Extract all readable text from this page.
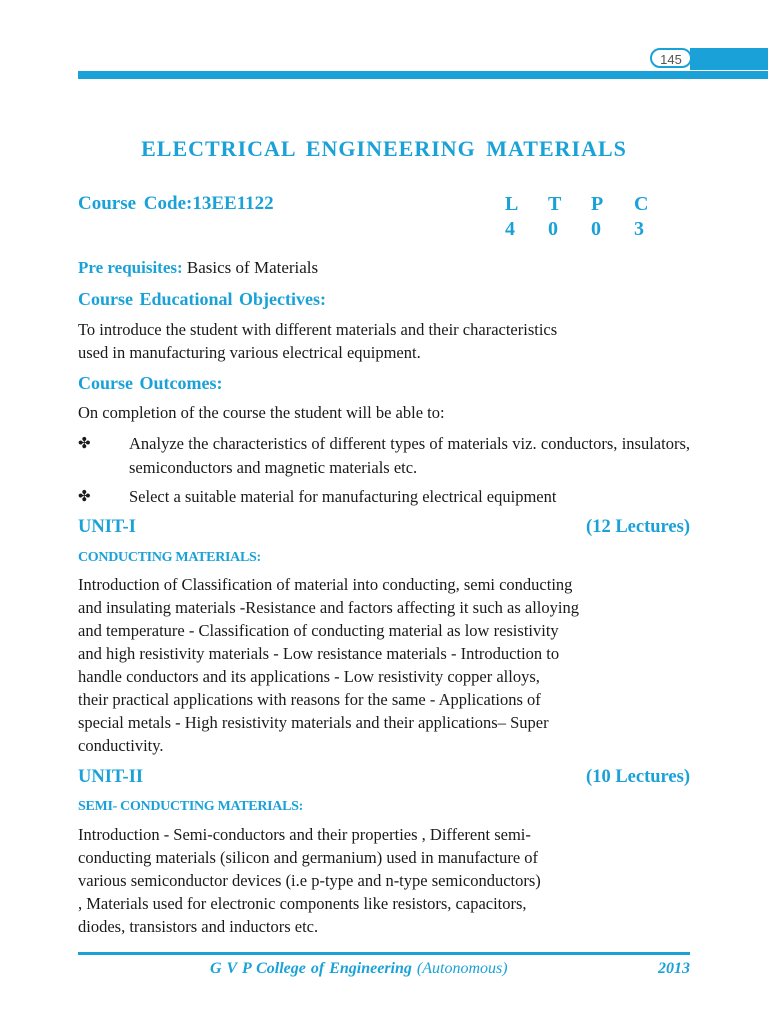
145
ELECTRICAL ENGINEERING MATERIALS
Course Code:13EE1122	L T P C
4 0 0 3
Pre requisites: Basics of Materials
Course Educational Objectives:
To introduce the student with different materials and their characteristics
used in manufacturing various electrical equipment.
Course Outcomes:
On completion of the course the student will be able to:
✤ Analyze the characteristics of different types of materials viz. conductors, insulators, semiconductors and magnetic materials etc.
✤ Select a suitable material for manufacturing electrical equipment
UNIT-I	(12 Lectures)
CONDUCTING MATERIALS:
Introduction of Classification of material into conducting, semi conducting
and insulating materials -Resistance and factors affecting it such as alloying
and temperature - Classification of conducting material as low resistivity
and high resistivity materials - Low resistance materials - Introduction to
handle conductors and its applications - Low resistivity copper alloys,
their practical applications with reasons for the same - Applications of
special metals - High resistivity materials and their applications– Super
conductivity.
UNIT-II	(10 Lectures)
SEMI- CONDUCTING MATERIALS:
Introduction - Semi-conductors and their properties , Different semi-
conducting materials (silicon and germanium) used in manufacture of
various semiconductor devices (i.e p-type and n-type semiconductors)
, Materials used for electronic components like resistors, capacitors,
diodes, transistors and inductors etc.
G V P College of Engineering (Autonomous)	2013
